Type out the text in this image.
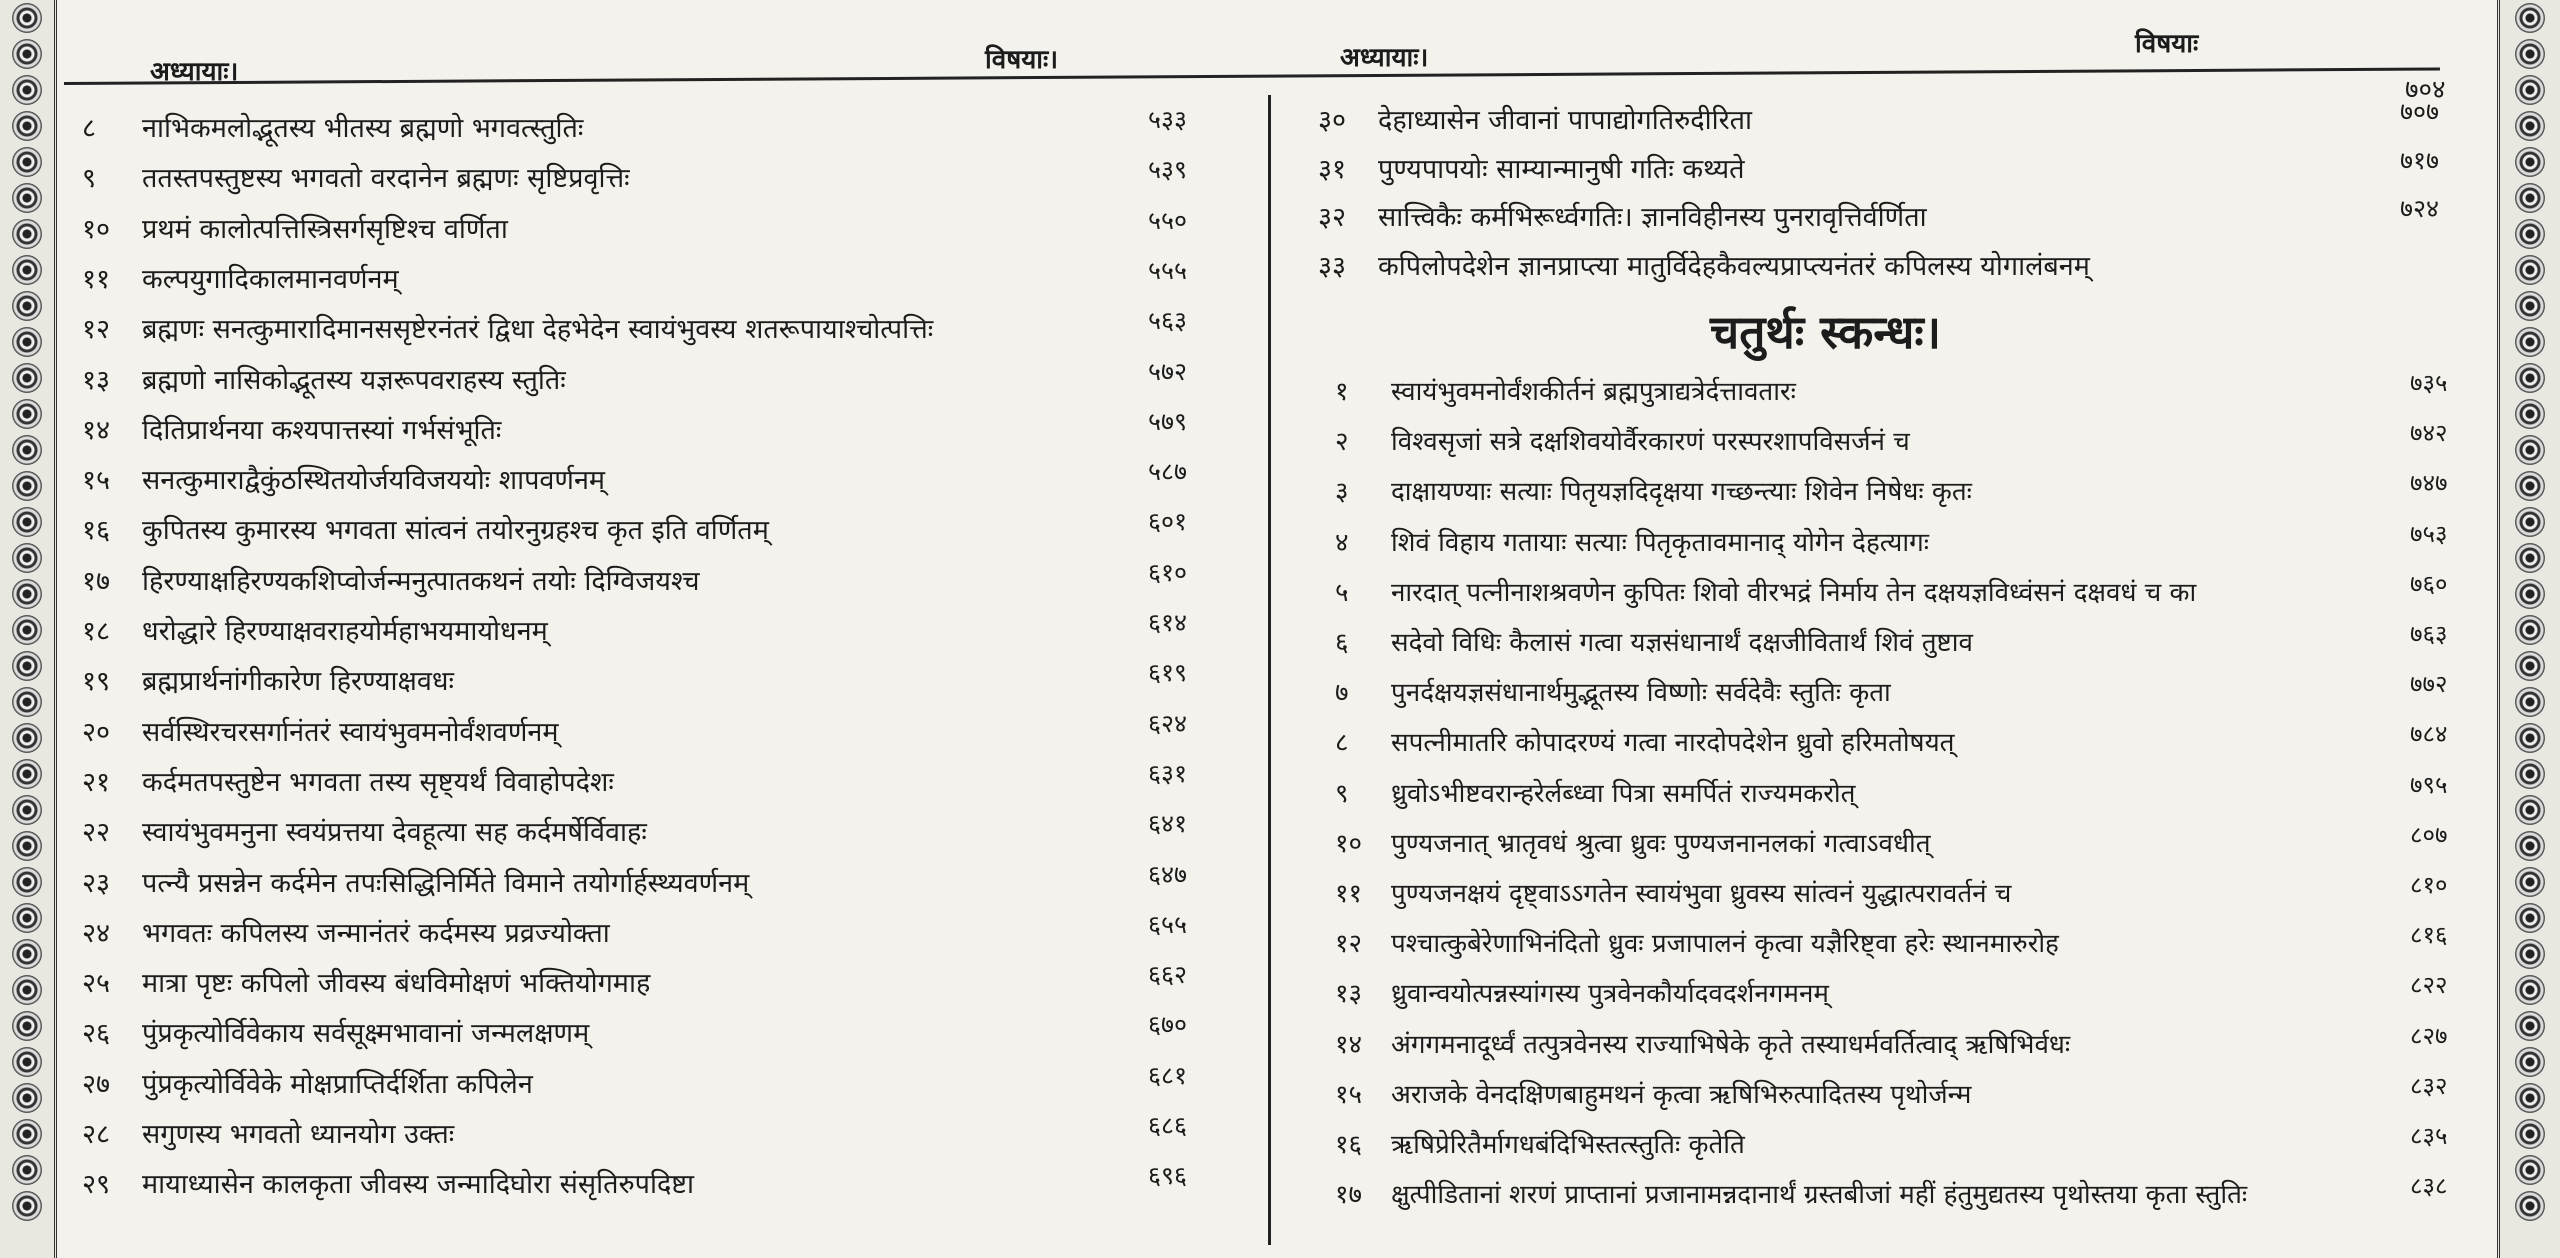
अध्यायाः।	विषयाः।	अध्यायाः।	विषयाः
७०४
८	नाभिकमलोद्भूतस्य भीतस्य ब्रह्मणो भगवत्स्तुतिः	५३३
९	ततस्तपस्तुष्टस्य भगवतो वरदानेन ब्रह्मणः सृष्टिप्रवृत्तिः	५३९
१०	प्रथमं कालोत्पत्तिस्त्रिसर्गसृष्टिश्च वर्णिता	५५०
११	कल्पयुगादिकालमानवर्णनम्	५५५
१२	ब्रह्मणः सनत्कुमारादिमानससृष्टेरनंतरं द्विधा देहभेदेन स्वायंभुवस्य शतरूपायाश्चोत्पत्तिः	५६३
१३	ब्रह्मणो नासिकोद्भूतस्य यज्ञरूपवराहस्य स्तुतिः	५७२
१४	दितिप्रार्थनया कश्यपात्तस्यां गर्भसंभूतिः	५७९
१५	सनत्कुमाराद्वैकुंठस्थितयोर्जयविजययोः शापवर्णनम्	५८७
१६	कुपितस्य कुमारस्य भगवता सांत्वनं तयोरनुग्रहश्च कृत इति वर्णितम्	६०१
१७	हिरण्याक्षहिरण्यकशिप्वोर्जन्मनुत्पातकथनं तयोः दिग्विजयश्च	६१०
१८	धरोद्धारे हिरण्याक्षवराहयोर्महाभयमायोधनम्	६१४
१९	ब्रह्मप्रार्थनांगीकारेण हिरण्याक्षवधः	६१९
२०	सर्वस्थिरचरसर्गानंतरं स्वायंभुवमनोर्वंशवर्णनम्	६२४
२१	कर्दमतपस्तुष्टेन भगवता तस्य सृष्ट्यर्थं विवाहोपदेशः	६३१
२२	स्वायंभुवमनुना स्वयंप्रत्तया देवहूत्या सह कर्दमर्षेर्विवाहः	६४१
२३	पत्न्यै प्रसन्नेन कर्दमेन तपःसिद्धिनिर्मिते विमाने तयोर्गार्हस्थ्यवर्णनम्	६४७
२४	भगवतः कपिलस्य जन्मानंतरं कर्दमस्य प्रव्रज्योक्ता	६५५
२५	मात्रा पृष्टः कपिलो जीवस्य बंधविमोक्षणं भक्तियोगमाह	६६२
२६	पुंप्रकृत्योर्विवेकाय सर्वसूक्ष्मभावानां जन्मलक्षणम्	६७०
२७	पुंप्रकृत्योर्विवेके मोक्षप्राप्तिर्दर्शिता कपिलेन	६८१
२८	सगुणस्य भगवतो ध्यानयोग उक्तः	६८६
२९	मायाध्यासेन कालकृता जीवस्य जन्मादिघोरा संसृतिरुपदिष्टा	६९६
३०	देहाध्यासेन जीवानां पापाद्योगतिरुदीरिता	७०७
३१	पुण्यपापयोः साम्यान्मानुषी गतिः कथ्यते	७१७
३२	सात्त्विकैः कर्मभिरूर्ध्वगतिः। ज्ञानविहीनस्य पुनरावृत्तिर्वर्णिता	७२४
३३	कपिलोपदेशेन ज्ञानप्राप्त्या मातुर्विदेहकैवल्यप्राप्त्यनंतरं कपिलस्य योगालंबनम्
चतुर्थः स्कन्धः।
१	स्वायंभुवमनोर्वंशकीर्तनं ब्रह्मपुत्राद्यत्रेर्दत्तावतारः	७३५
२	विश्वसृजां सत्रे दक्षशिवयोर्वैरकारणं परस्परशापविसर्जनं च	७४२
३	दाक्षायण्याः सत्याः पितृयज्ञदिदृक्षया गच्छन्त्याः शिवेन निषेधः कृतः	७४७
४	शिवं विहाय गतायाः सत्याः पितृकृतावमानाद् योगेन देहत्यागः	७५३
५	नारदात् पत्नीनाशश्रवणेन कुपितः शिवो वीरभद्रं निर्माय तेन दक्षयज्ञविध्वंसनं दक्षवधं च का	७६०
६	सदेवो विधिः कैलासं गत्वा यज्ञसंधानार्थं दक्षजीवितार्थं शिवं तुष्टाव	७६३
७	पुनर्दक्षयज्ञसंधानार्थमुद्भूतस्य विष्णोः सर्वदेवैः स्तुतिः कृता	७७२
८	सपत्नीमातरि कोपादरण्यं गत्वा नारदोपदेशेन ध्रुवो हरिमतोषयत्	७८४
९	ध्रुवोऽभीष्टवरान्हरेर्लब्ध्वा पित्रा समर्पितं राज्यमकरोत्	७९५
१०	पुण्यजनात् भ्रातृवधं श्रुत्वा ध्रुवः पुण्यजनानलकां गत्वाऽवधीत्	८०७
११	पुण्यजनक्षयं दृष्ट्वाऽऽगतेन स्वायंभुवा ध्रुवस्य सांत्वनं युद्धात्परावर्तनं च	८१०
१२	पश्चात्कुबेरेणाभिनंदितो ध्रुवः प्रजापालनं कृत्वा यज्ञैरिष्ट्वा हरेः स्थानमारुरोह	८१६
१३	ध्रुवान्वयोत्पन्नस्यांगस्य पुत्रवेनकौर्यादवदर्शनगमनम्	८२२
१४	अंगगमनादूर्ध्वं तत्पुत्रवेनस्य राज्याभिषेके कृते तस्याधर्मवर्तित्वाद् ऋषिभिर्वधः	८२७
१५	अराजके वेनदक्षिणबाहुमथनं कृत्वा ऋषिभिरुत्पादितस्य पृथोर्जन्म	८३२
१६	ऋषिप्रेरितैर्मागधबंदिभिस्तत्स्तुतिः कृतेति	८३५
१७	क्षुत्पीडितानां शरणं प्राप्तानां प्रजानामन्नदानार्थं ग्रस्तबीजां महीं हंतुमुद्यतस्य पृथोस्तया कृता स्तुतिः	८३८
